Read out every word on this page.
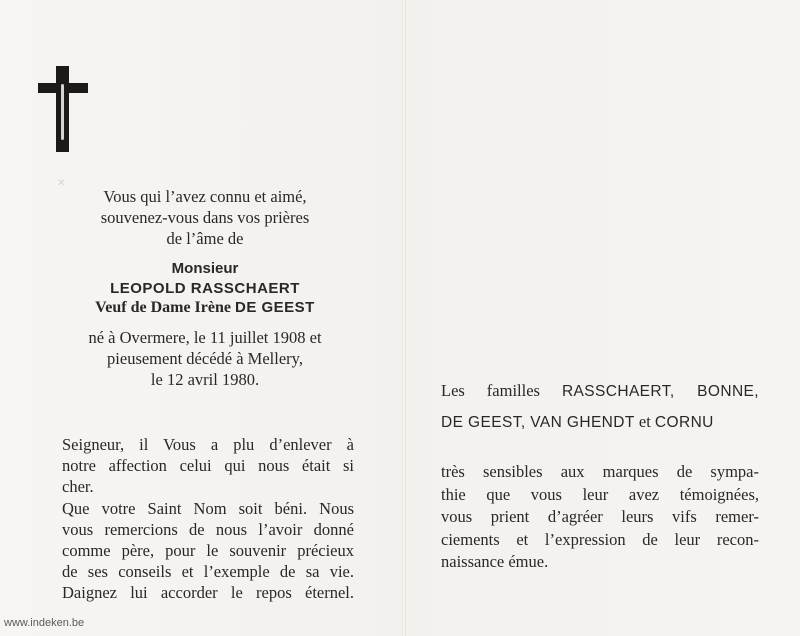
✕
Vous qui l’avez connu et aimé,
souvenez-vous dans vos prières
de l’âme de
Monsieur
LEOPOLD RASSCHAERT
Veuf de Dame Irène DE GEEST
né à Overmere, le 11 juillet 1908 et
pieusement décédé à Mellery,
le 12 avril 1980.
Seigneur, il Vous a plu d’enlever à
notre affection celui qui nous était si
cher.
Que votre Saint Nom soit béni. Nous
vous remercions de nous l’avoir donné
comme père, pour le souvenir précieux
de ses conseils et l’exemple de sa vie.
Daignez lui accorder le repos éternel.
Les familles RASSCHAERT, BONNE,
DE GEEST, VAN GHENDT et CORNU
très sensibles aux marques de sympa-
thie que vous leur avez témoignées,
vous prient d’agréer leurs vifs remer-
ciements et l’expression de leur recon-
naissance émue.
www.indeken.be
